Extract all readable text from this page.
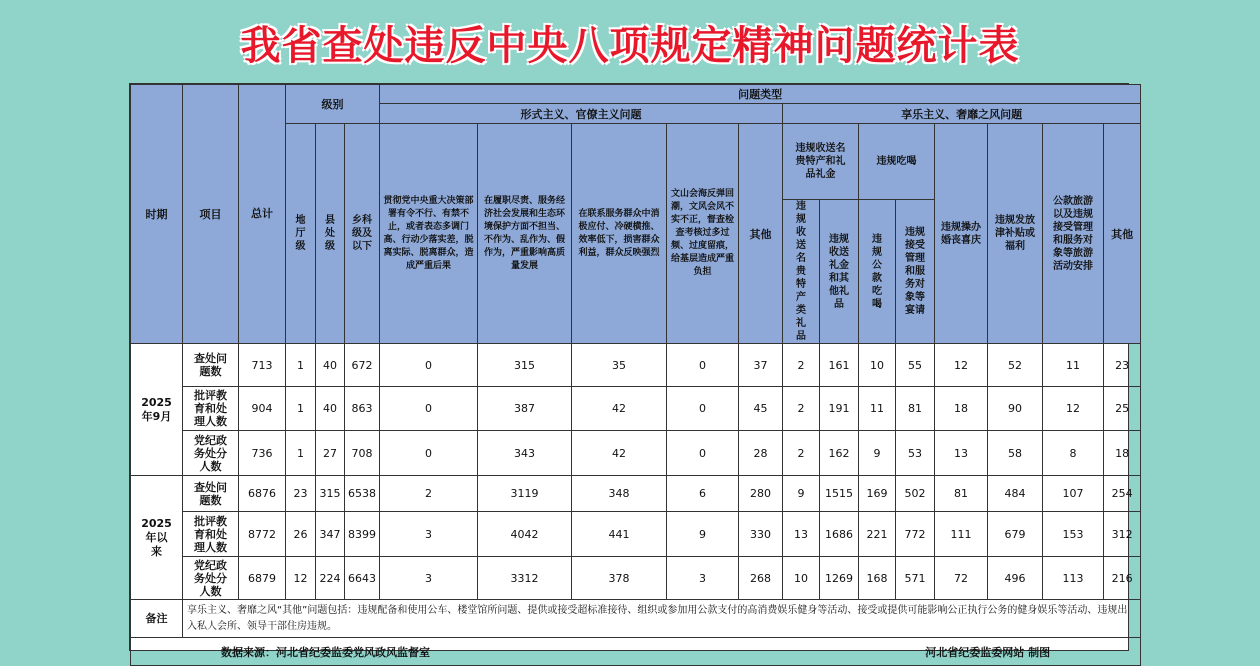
我省查处违反中央八项规定精神问题统计表
时期	项目	总计	级别			问题类型												
						形式主义、官僚主义问题					享乐主义、奢靡之风问题							
			地厅级	县处级	乡科级及以下	贯彻党中央重大决策部署有令不行、有禁不止，或者表态多调门高、行动少落实差，脱离实际、脱离群众，造成严重后果	在履职尽责、服务经济社会发展和生态环境保护方面不担当、不作为、乱作为、假作为，严重影响高质量发展	在联系服务群众中消极应付、冷硬横推、效率低下，损害群众利益，群众反映强烈	文山会海反弹回潮，文风会风不实不正，督查检查考核过多过频、过度留痕，给基层造成严重负担	其他	违规收送名贵特产和礼品礼金		违规吃喝		违规操办婚丧喜庆	违规发放津补贴或福利	公款旅游以及违规接受管理和服务对象等旅游活动安排	其他
											违规收送名贵特产类礼品	违规收送礼金和其他礼品	违规公款吃喝	违规接受管理和服务对象等宴请				
2025年9月	查处问题数	713	1	40	672	0	315	35	0	37	2	161	10	55	12	52	11	23
	批评教育和处理人数	904	1	40	863	0	387	42	0	45	2	191	11	81	18	90	12	25
	党纪政务处分人数	736	1	27	708	0	343	42	0	28	2	162	9	53	13	58	8	18
2025年以来	查处问题数	6876	23	315	6538	2	3119	348	6	280	9	1515	169	502	81	484	107	254
	批评教育和处理人数	8772	26	347	8399	3	4042	441	9	330	13	1686	221	772	111	679	153	312
	党纪政务处分人数	6879	12	224	6643	3	3312	378	3	268	10	1269	168	571	72	496	113	216
备注	享乐主义、奢靡之风“其他”问题包括：违规配备和使用公车、楼堂馆所问题、提供或接受超标准接待、组织或参加用公款支付的高消费娱乐健身等活动、接受或提供可能影响公正执行公务的健身娱乐等活动、违规出入私人会所、领导干部住房违规。																	
数据来源：河北省纪委监委党风政风监督室 河北省纪委监委网站 制图																		
